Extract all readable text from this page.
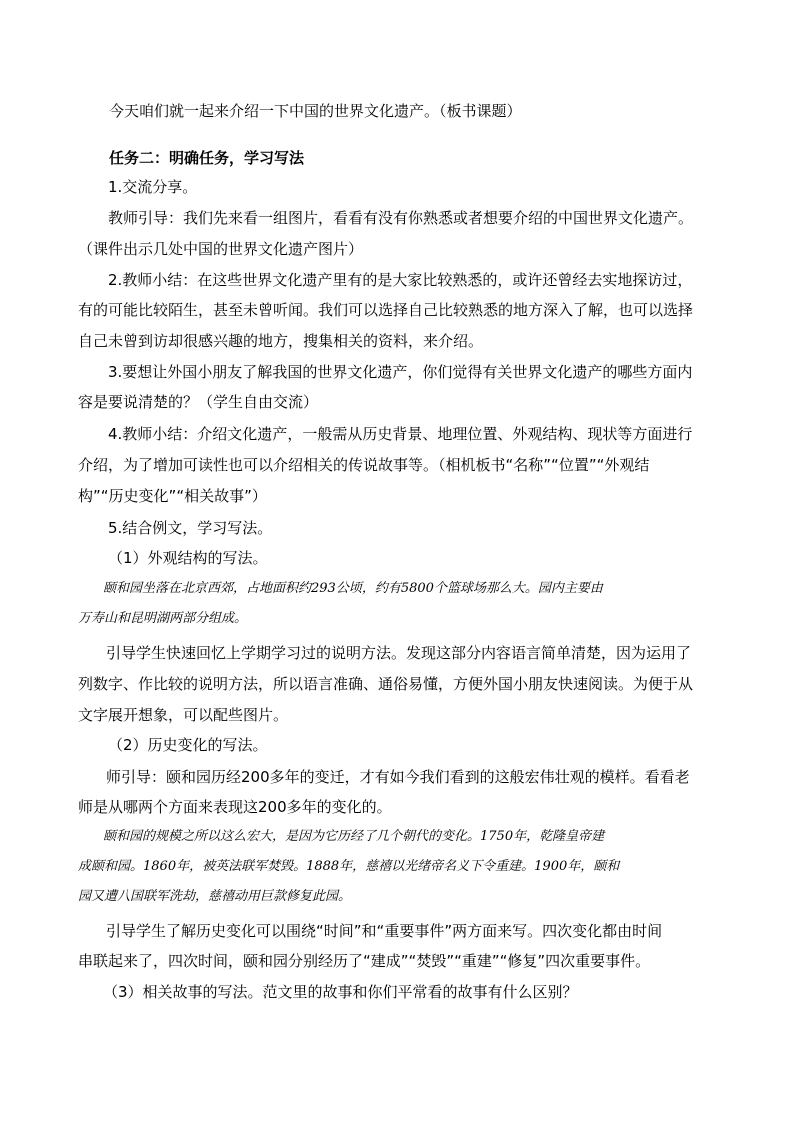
今天咱们就一起来介绍一下中国的世界文化遗产。（板书课题）
任务二：明确任务，学习写法
1.交流分享。
教师引导：我们先来看一组图片，看看有没有你熟悉或者想要介绍的中国世界文化遗产。
（课件出示几处中国的世界文化遗产图片）
2.教师小结：在这些世界文化遗产里有的是大家比较熟悉的，或许还曾经去实地探访过，
有的可能比较陌生，甚至未曾听闻。我们可以选择自己比较熟悉的地方深入了解，也可以选择
自己未曾到访却很感兴趣的地方，搜集相关的资料，来介绍。
3.要想让外国小朋友了解我国的世界文化遗产，你们觉得有关世界文化遗产的哪些方面内
容是要说清楚的？（学生自由交流）
4.教师小结：介绍文化遗产，一般需从历史背景、地理位置、外观结构、现状等方面进行
介绍，为了增加可读性也可以介绍相关的传说故事等。（相机板书“名称”“位置”“外观结
构”“历史变化”“相关故事”）
5.结合例文，学习写法。
（1）外观结构的写法。
颐和园坐落在北京西郊，占地面积约293公顷，约有5800个篮球场那么大。园内主要由
万寿山和昆明湖两部分组成。
引导学生快速回忆上学期学习过的说明方法。发现这部分内容语言简单清楚，因为运用了
列数字、作比较的说明方法，所以语言准确、通俗易懂，方便外国小朋友快速阅读。为便于从
文字展开想象，可以配些图片。
（2）历史变化的写法。
师引导：颐和园历经200多年的变迁，才有如今我们看到的这般宏伟壮观的模样。看看老
师是从哪两个方面来表现这200多年的变化的。
颐和园的规模之所以这么宏大，是因为它历经了几个朝代的变化。1750年，乾隆皇帝建
成颐和园。1860年，被英法联军焚毁。1888年，慈禧以光绪帝名义下令重建。1900年，颐和
园又遭八国联军洗劫，慈禧动用巨款修复此园。
引导学生了解历史变化可以围绕“时间”和“重要事件”两方面来写。四次变化都由时间
串联起来了，四次时间，颐和园分别经历了“建成”“焚毁”“重建”“修复”四次重要事件。
（3）相关故事的写法。范文里的故事和你们平常看的故事有什么区别？
